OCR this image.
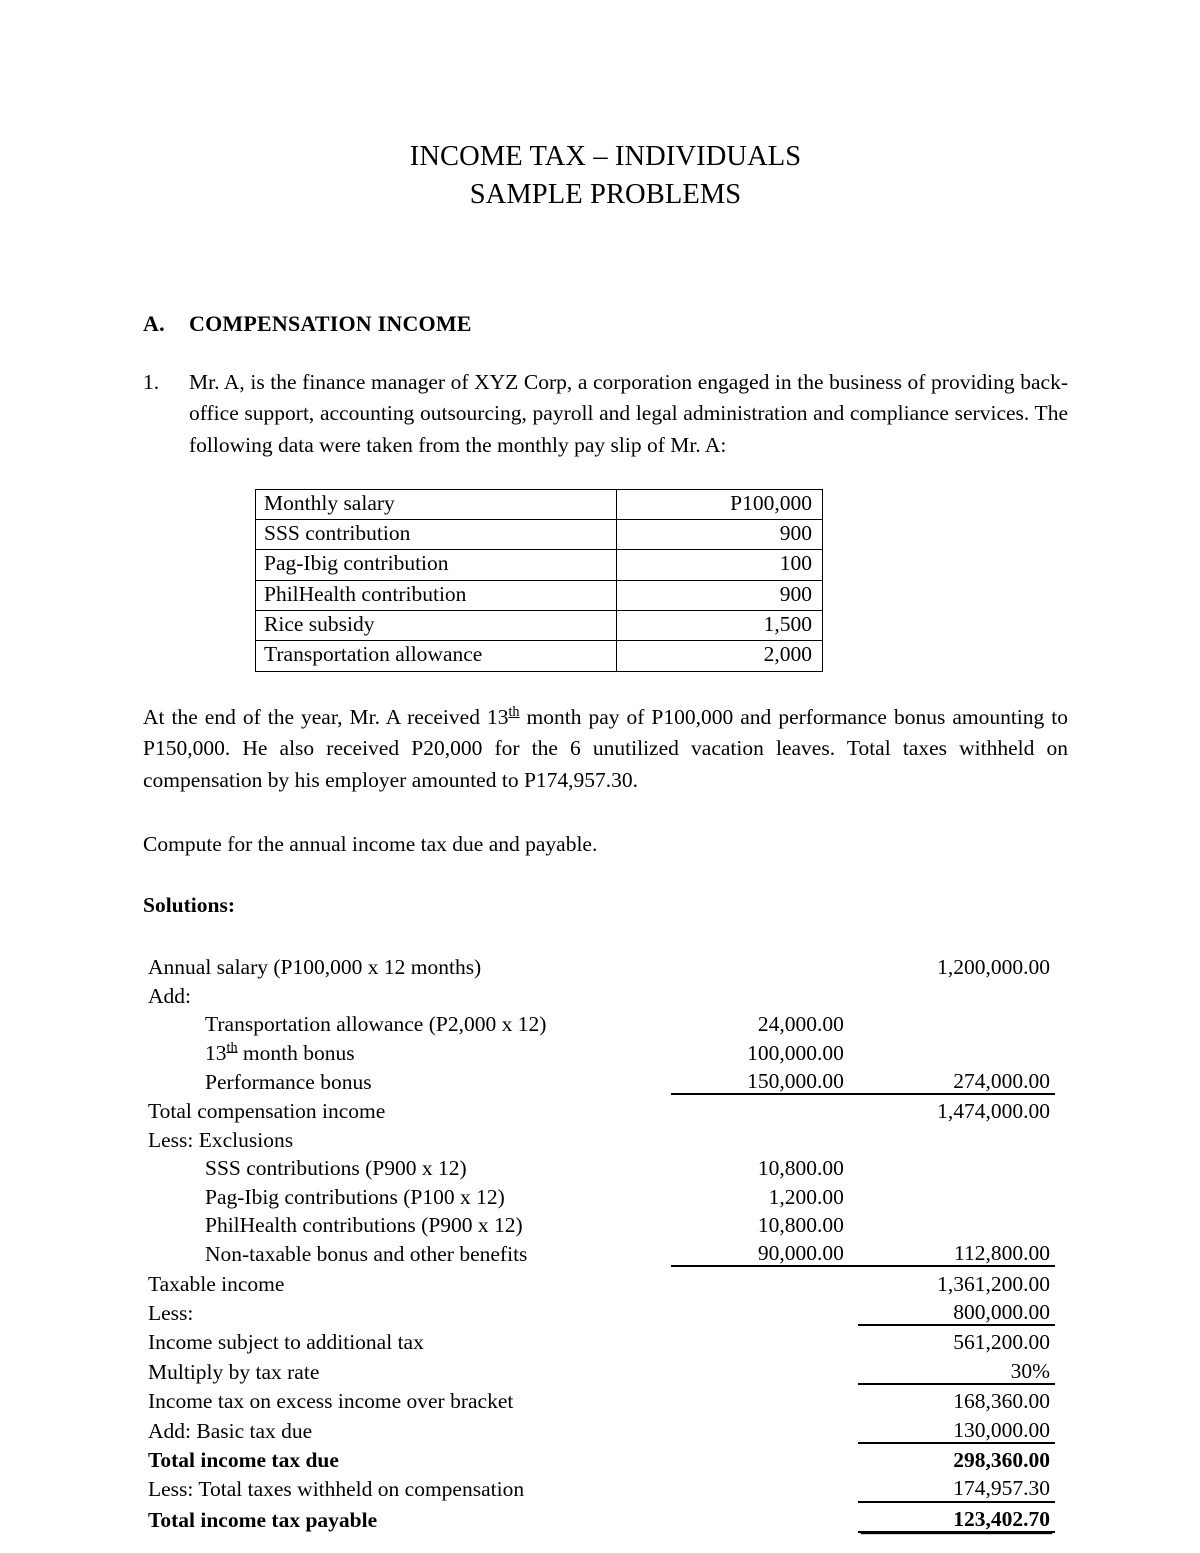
INCOME TAX – INDIVIDUALS
SAMPLE PROBLEMS
A.	COMPENSATION INCOME
1.	Mr. A, is the finance manager of XYZ Corp, a corporation engaged in the business of providing back-office support, accounting outsourcing, payroll and legal administration and compliance services. The following data were taken from the monthly pay slip of Mr. A:
Monthly salary	P100,000
SSS contribution	900
Pag-Ibig contribution	100
PhilHealth contribution	900
Rice subsidy	1,500
Transportation allowance	2,000

At the end of the year, Mr. A received 13th month pay of P100,000 and performance bonus amounting to P150,000. He also received P20,000 for the 6 unutilized vacation leaves. Total taxes withheld on compensation by his employer amounted to P174,957.30.

Compute for the annual income tax due and payable.

Solutions:
Annual salary (P100,000 x 12 months)		1,200,000.00
Add:		
Transportation allowance (P2,000 x 12)	24,000.00	
13th month bonus	100,000.00	
Performance bonus	150,000.00	274,000.00
Total compensation income		1,474,000.00
Less: Exclusions		
SSS contributions (P900 x 12)	10,800.00	
Pag-Ibig contributions (P100 x 12)	1,200.00	
PhilHealth contributions (P900 x 12)	10,800.00	
Non-taxable bonus and other benefits	90,000.00	112,800.00
Taxable income		1,361,200.00
Less:		800,000.00
Income subject to additional tax		561,200.00
Multiply by tax rate		30%
Income tax on excess income over bracket		168,360.00
Add: Basic tax due		130,000.00
Total income tax due		298,360.00
Less: Total taxes withheld on compensation		174,957.30
Total income tax payable		123,402.70
